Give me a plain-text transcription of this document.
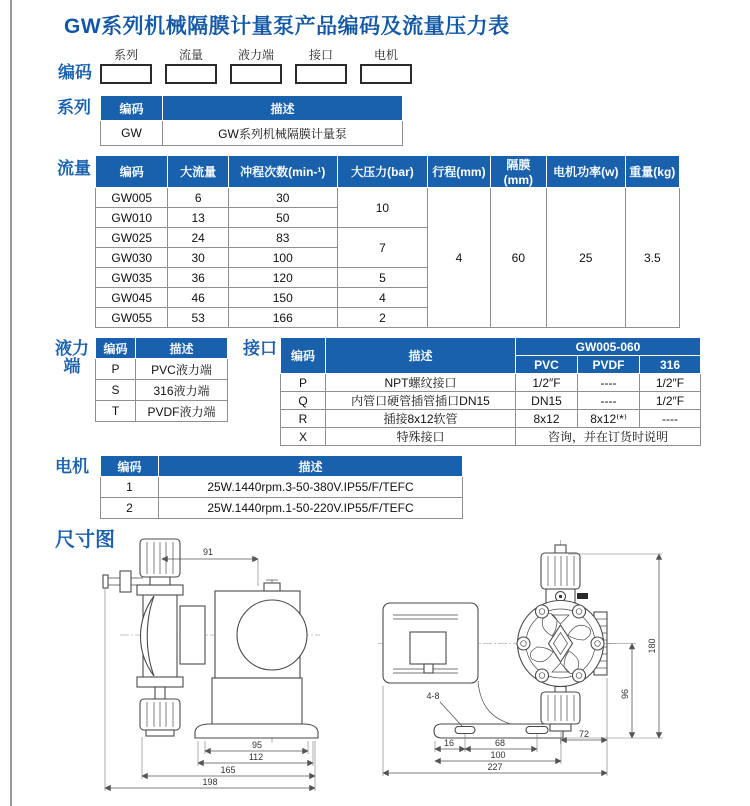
GW系列机械隔膜计量泵产品编码及流量压力表
编码
系列	流量	液力端	接口	电机
系列 编码	描述
GW	GW系列机械隔膜计量泵
流量 编码	大流量	冲程次数(min-¹)	大压力(bar)	行程(mm)	隔膜(mm)	电机功率(w)	重量(kg)
GW005	6	30	10	4	60	25	3.5
GW010	13	50					
GW025	24	83	7				
GW030	30	100					
GW035	36	120	5				
GW045	46	150	4				
GW055	53	166	2				
液力
端
编码	描述
P	PVC液力端
S	316液力端
T	PVDF液力端
接口 编码	描述	GW005-060		
		PVC	PVDF	316
P	NPT螺纹接口	1/2″F	----	1/2″F
Q	内管口硬管插管插口DN15	DN15	----	1/2″F
R	插接8x12软管	8x12	8x12⁽*⁾	----
X	特殊接口	咨询，并在订货时说明		
电机 编码	描述
1	25W.1440rpm.3-50-380V.IP55/F/TEFC
2	25W.1440rpm.1-50-220V.IP55/F/TEFC
尺寸图
91
95
112
165
198
4-8
16	68
100
227
72
96
180
